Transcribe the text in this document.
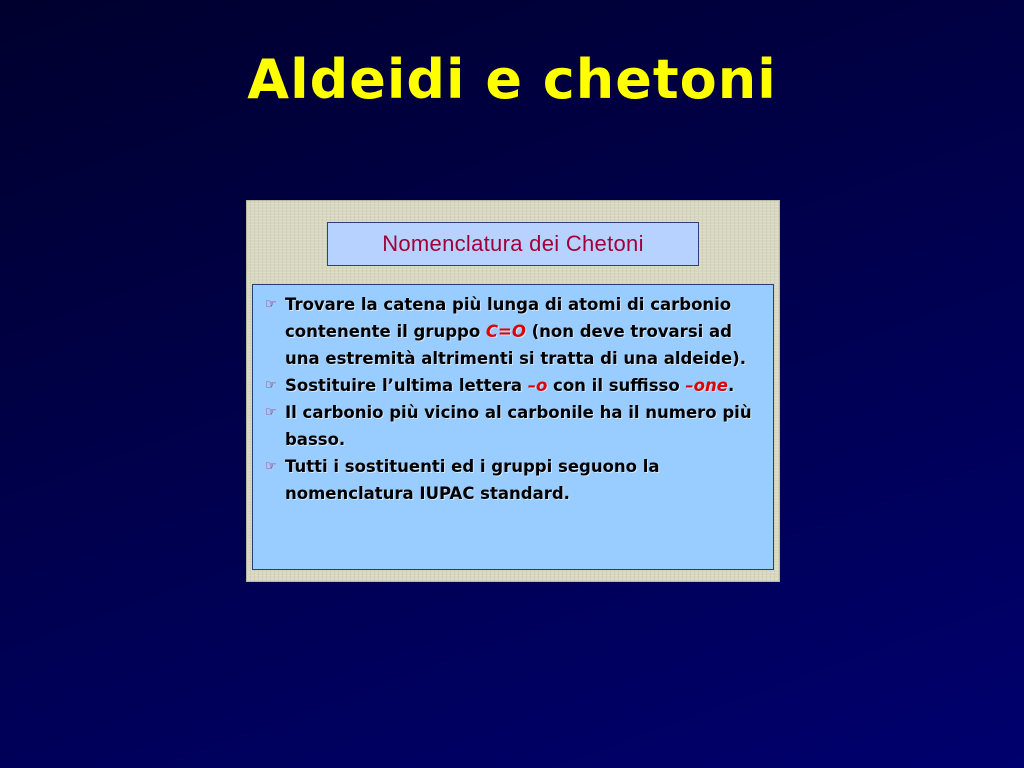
Aldeidi e chetoni
Nomenclatura dei Chetoni
☞ Trovare la catena più lunga di atomi di carbonio contenente il gruppo C=O (non deve trovarsi ad una estremità altrimenti si tratta di una aldeide).
☞ Sostituire l’ultima lettera –o con il suffisso –one.
☞ Il carbonio più vicino al carbonile ha il numero più basso.
☞ Tutti i sostituenti ed i gruppi seguono la nomenclatura IUPAC standard.
